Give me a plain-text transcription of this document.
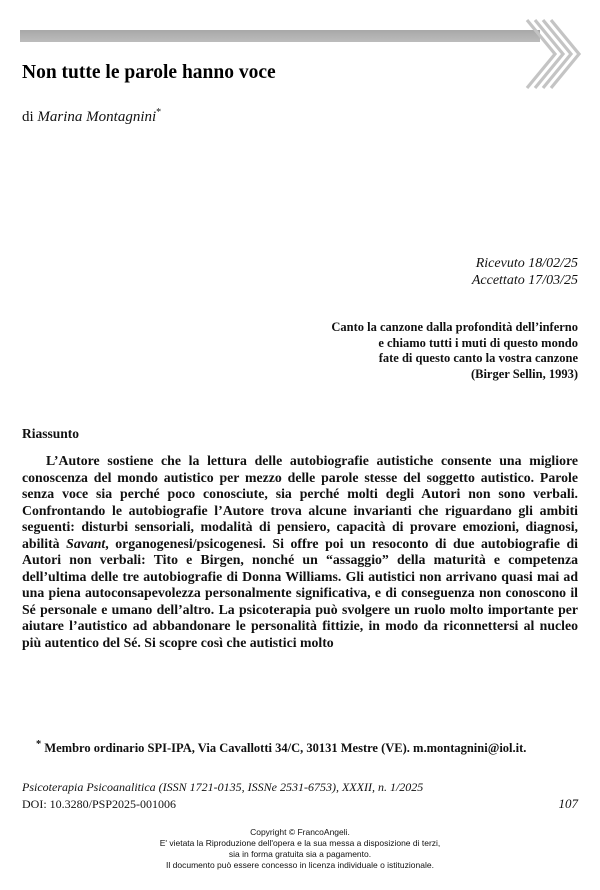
Non tutte le parole hanno voce
di Marina Montagnini*
Ricevuto 18/02/25
Accettato 17/03/25
Canto la canzone dalla profondità dell’inferno
e chiamo tutti i muti di questo mondo
fate di questo canto la vostra canzone
(Birger Sellin, 1993)
Riassunto

L’Autore sostiene che la lettura delle autobiografie autistiche consente una migliore conoscenza del mondo autistico per mezzo delle parole stesse del soggetto autistico. Parole senza voce sia perché poco conosciute, sia perché molti degli Autori non sono verbali. Confrontando le autobiografie l’Autore trova alcune invarianti che riguardano gli ambiti seguenti: disturbi sensoriali, modalità di pensiero, capacità di provare emozioni, diagnosi, abilità Savant, organogenesi/psicogenesi. Si offre poi un resoconto di due autobiografie di Autori non verbali: Tito e Birgen, nonché un “assaggio” della maturità e competenza dell’ultima delle tre autobiografie di Donna Williams. Gli autistici non arrivano quasi mai ad una piena autoconsapevolezza personalmente significativa, e di conseguenza non conoscono il Sé personale e umano dell’altro. La psicoterapia può svolgere un ruolo molto importante per aiutare l’autistico ad abbandonare le personalità fittizie, in modo da riconnettersi al nucleo più autentico del Sé. Si scopre così che autistici molto

* Membro ordinario SPI-IPA, Via Cavallotti 34/C, 30131 Mestre (VE). m.montagnini@iol.it.
Psicoterapia Psicoanalitica (ISSN 1721-0135, ISSNe 2531-6753), XXXII, n. 1/2025
DOI: 10.3280/PSP2025-001006	107
Copyright © FrancoAngeli.
E' vietata la Riproduzione dell'opera e la sua messa a disposizione di terzi,
sia in forma gratuita sia a pagamento.
Il documento può essere concesso in licenza individuale o istituzionale.
